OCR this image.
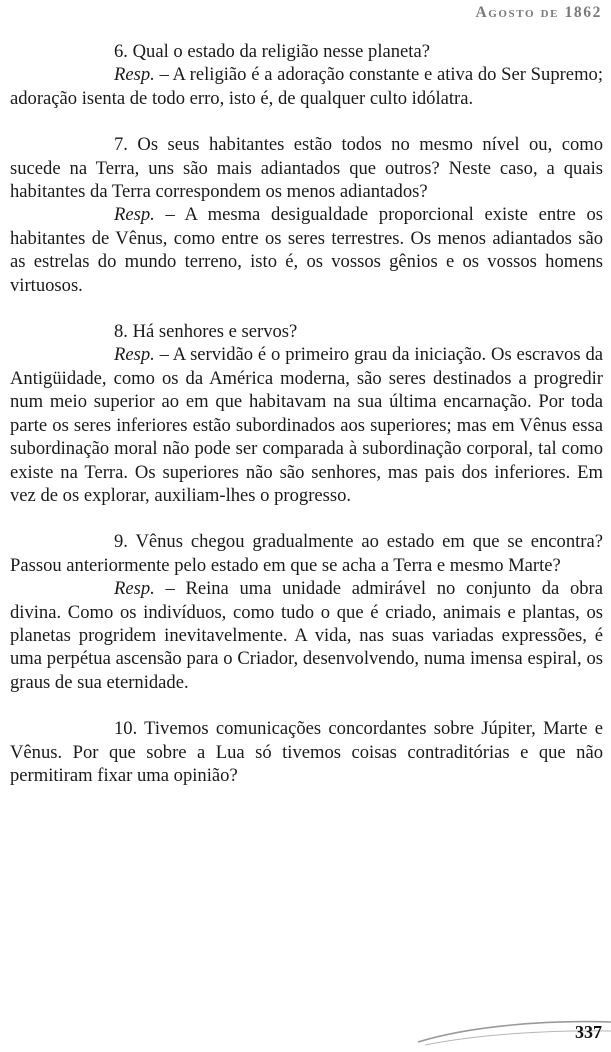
Agosto de 1862

6. Qual o estado da religião nesse planeta?

Resp. – A religião é a adoração constante e ativa do Ser Supremo; adoração isenta de todo erro, isto é, de qualquer culto idólatra.

7. Os seus habitantes estão todos no mesmo nível ou, como sucede na Terra, uns são mais adiantados que outros? Neste caso, a quais habitantes da Terra correspondem os menos adiantados?

Resp. – A mesma desigualdade proporcional existe entre os habitantes de Vênus, como entre os seres terrestres. Os menos adiantados são as estrelas do mundo terreno, isto é, os vossos gênios e os vossos homens virtuosos.

8. Há senhores e servos?

Resp. – A servidão é o primeiro grau da iniciação. Os escravos da Antigüidade, como os da América moderna, são seres destinados a progredir num meio superior ao em que habitavam na sua última encarnação. Por toda parte os seres inferiores estão subordinados aos superiores; mas em Vênus essa subordinação moral não pode ser comparada à subordinação corporal, tal como existe na Terra. Os superiores não são senhores, mas pais dos inferiores. Em vez de os explorar, auxiliam-lhes o progresso.

9. Vênus chegou gradualmente ao estado em que se encontra? Passou anteriormente pelo estado em que se acha a Terra e mesmo Marte?

Resp. – Reina uma unidade admirável no conjunto da obra divina. Como os indivíduos, como tudo o que é criado, animais e plantas, os planetas progridem inevitavelmente. A vida, nas suas variadas expressões, é uma perpétua ascensão para o Criador, desenvolvendo, numa imensa espiral, os graus de sua eternidade.

10. Tivemos comunicações concordantes sobre Júpiter, Marte e Vênus. Por que sobre a Lua só tivemos coisas contraditórias e que não permitiram fixar uma opinião?

337
